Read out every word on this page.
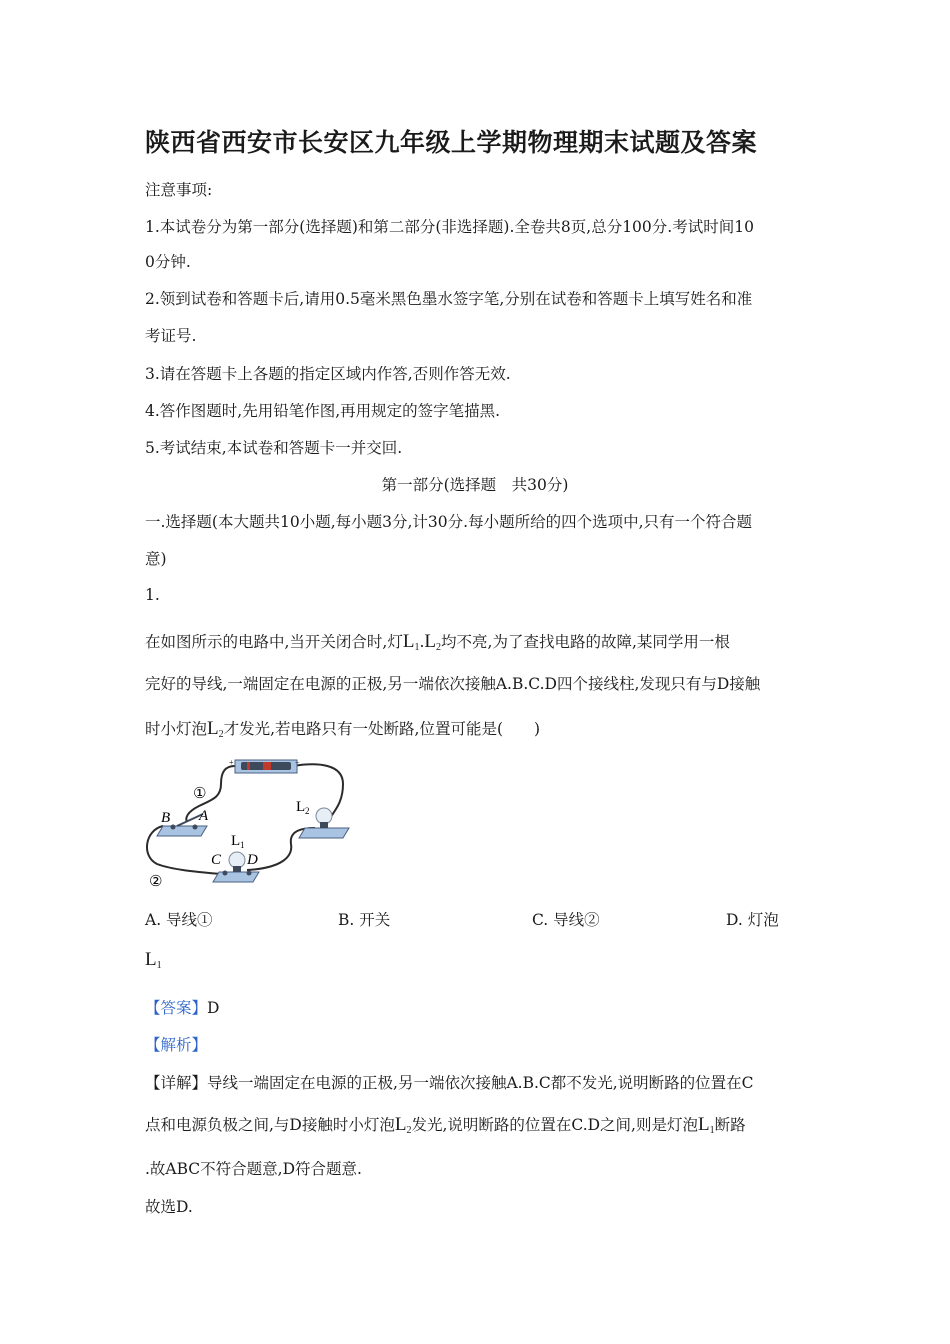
陕西省西安市长安区九年级上学期物理期末试题及答案
注意事项:
1.本试卷分为第一部分(选择题)和第二部分(非选择题).全卷共8页,总分100分.考试时间10
0分钟.
2.领到试卷和答题卡后,请用0.5毫米黑色墨水签字笔,分别在试卷和答题卡上填写姓名和准
考证号.
3.请在答题卡上各题的指定区域内作答,否则作答无效.
4.答作图题时,先用铅笔作图,再用规定的签字笔描黑.
5.考试结束,本试卷和答题卡一并交回.
第一部分(选择题　共30分)
一.选择题(本大题共10小题,每小题3分,计30分.每小题所给的四个选项中,只有一个符合题
意)
1.
在如图所示的电路中,当开关闭合时,灯$L_1.L_2$均不亮,为了查找电路的故障,某同学用一根
完好的导线,一端固定在电源的正极,另一端依次接触A.B.C.D四个接线柱,发现只有与D接触
时小灯泡$L_2$才发光,若电路只有一处断路,位置可能是(　　)
+	−
①
②
B A
C D
L 1
L 2
A. 导线①	B. 开关	C. 导线②	D. 灯泡
$L_1$
【答案】D
【解析】
【详解】导线一端固定在电源的正极,另一端依次接触A.B.C都不发光,说明断路的位置在C
点和电源负极之间,与D接触时小灯泡$L_2$发光,说明断路的位置在C.D之间,则是灯泡$L_1$断路
.故ABC不符合题意,D符合题意.
故选D.
